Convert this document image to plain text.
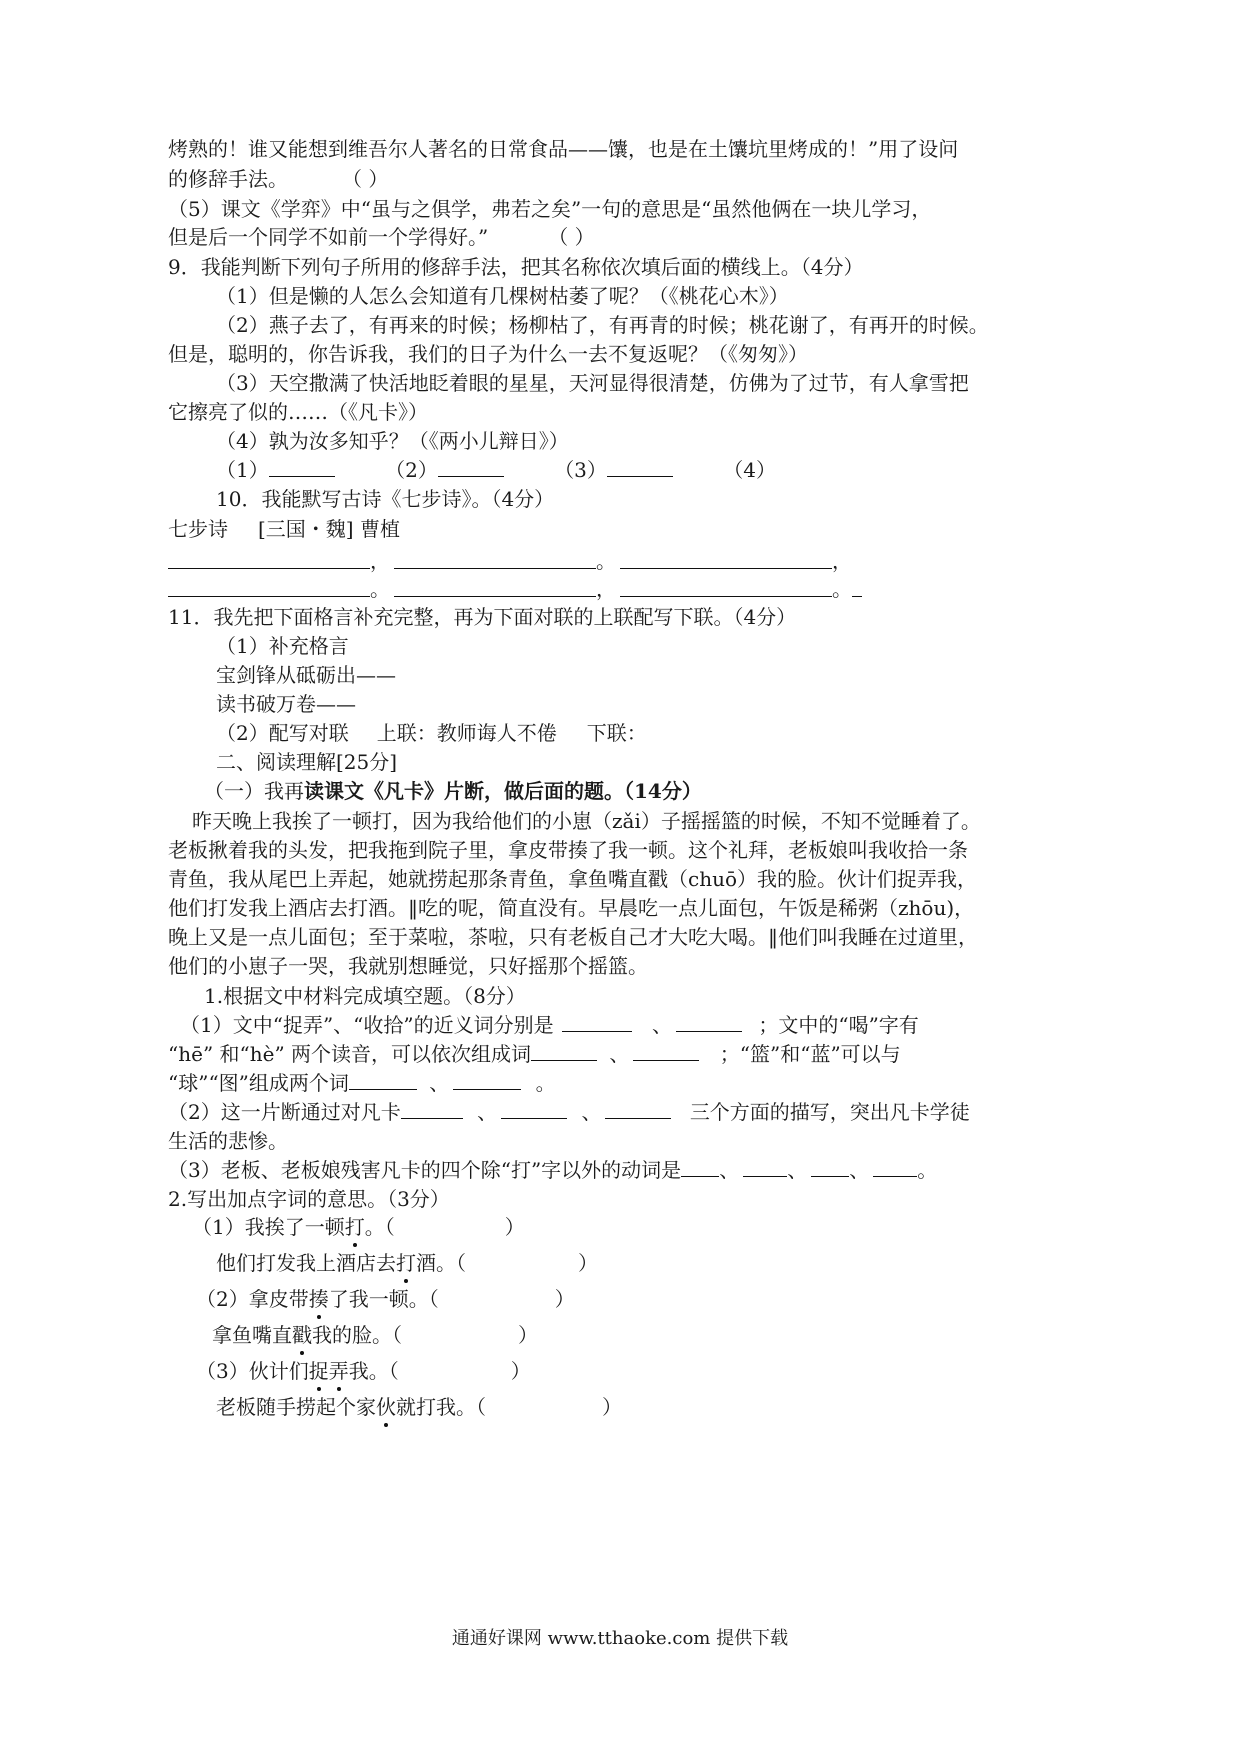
烤熟的！谁又能想到维吾尔人著名的日常食品——馕，也是在土馕坑里烤成的！”用了设问
的修辞手法。	（ ）
（5）课文《学弈》中“虽与之俱学，弗若之矣”一句的意思是“虽然他俩在一块儿学习，
但是后一个同学不如前一个学得好。”	（ ）
9．我能判断下列句子所用的修辞手法，把其名称依次填后面的横线上。（4分）
（1）但是懒的人怎么会知道有几棵树枯萎了呢？（《桃花心木》）
（2）燕子去了，有再来的时候；杨柳枯了，有再青的时候；桃花谢了，有再开的时候。
但是，聪明的，你告诉我，我们的日子为什么一去不复返呢？（《匆匆》）
（3）天空撒满了快活地眨着眼的星星，天河显得很清楚，仿佛为了过节，有人拿雪把
它擦亮了似的……（《凡卡》）
（4）孰为汝多知乎？（《两小儿辩日》）
（1）	（2）	（3）	（4）
10．我能默写古诗《七步诗》。（4分）
七步诗 [三国・魏] 曹植
，	。	，
。	，	。
11．我先把下面格言补充完整，再为下面对联的上联配写下联。（4分）
（1）补充格言
宝剑锋从砥砺出——
读书破万卷——
（2）配写对联 上联：教师诲人不倦 下联：
二、阅读理解[25分]
（一）我再读课文《凡卡》片断，做后面的题。（14分）
昨天晚上我挨了一顿打，因为我给他们的小崽（zǎi）子摇摇篮的时候，不知不觉睡着了。
老板揪着我的头发，把我拖到院子里，拿皮带揍了我一顿。这个礼拜，老板娘叫我收拾一条
青鱼，我从尾巴上弄起，她就捞起那条青鱼，拿鱼嘴直戳（chuō）我的脸。伙计们捉弄我，
他们打发我上酒店去打酒。‖吃的呢，简直没有。早晨吃一点儿面包，午饭是稀粥（zhōu)，
晚上又是一点儿面包；至于菜啦，茶啦，只有老板自己才大吃大喝。‖他们叫我睡在过道里，
他们的小崽子一哭，我就别想睡觉，只好摇那个摇篮。
1.根据文中材料完成填空题。（8分）
（1）文中“捉弄”、“收拾”的近义词分别是	、	；文中的“喝”字有
“hē” 和“hè” 两个读音，可以依次组成词	、	；“篮”和“蓝”可以与
“球”“图”组成两个词	、	。
（2）这一片断通过对凡卡	、	、	三个方面的描写，突出凡卡学徒
生活的悲惨。
（3）老板、老板娘残害凡卡的四个除“打”字以外的动词是 、 、 、 。
2.写出加点字词的意思。（3分）
（1）我挨了一顿打。（	）
他们打发我上酒店去打酒。（	）
（2）拿皮带揍了我一顿。（	）
拿鱼嘴直戳我的脸。（	）
（3）伙计们捉弄我。（	）
老板随手捞起个家伙就打我。（	）
通通好课网 www.tthaoke.com 提供下载
